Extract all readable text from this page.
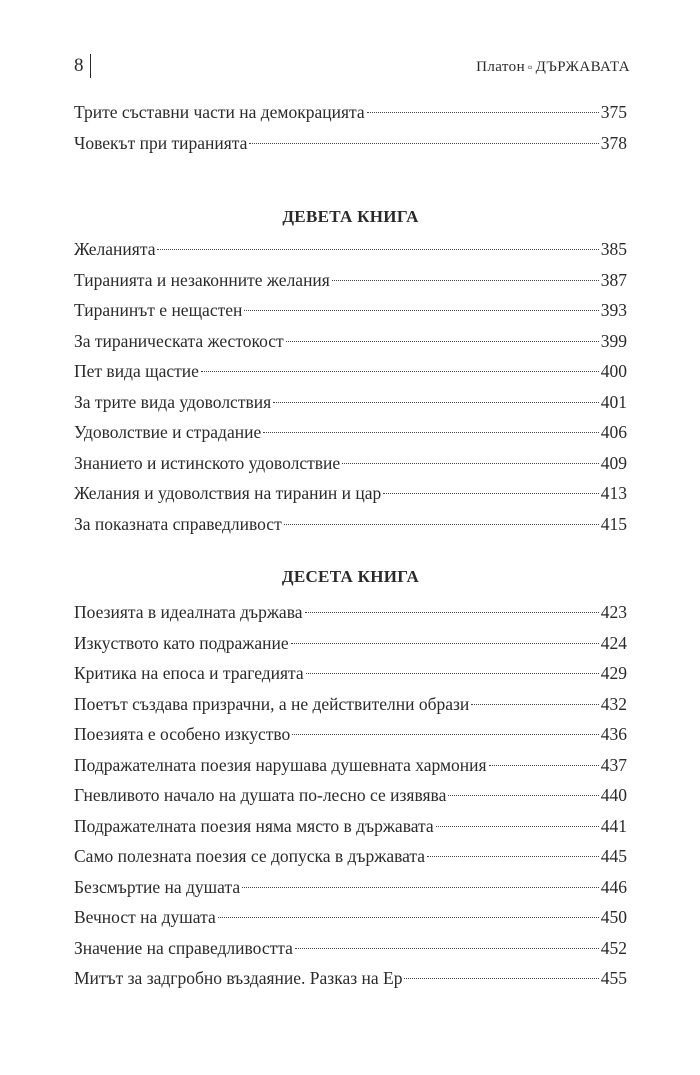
8	Платон ▫ ДЪРЖАВАТА
Трите съставни части на демокрацията	375
Човекът при тиранията	378
ДЕВЕТА КНИГА
Желанията	385
Тиранията и незаконните желания	387
Тиранинът е нещастен	393
За тираническата жестокост	399
Пет вида щастие	400
За трите вида удоволствия	401
Удоволствие и страдание	406
Знанието и истинското удоволствие	409
Желания и удоволствия на тиранин и цар	413
За показната справедливост	415
ДЕСЕТА КНИГА
Поезията в идеалната държава	423
Изкуството като подражание	424
Критика на епоса и трагедията	429
Поетът създава призрачни, а не действителни образи	432
Поезията е особено изкуство	436
Подражателната поезия нарушава душевната хармония	437
Гневливото начало на душата по-лесно се изявява	440
Подражателната поезия няма място в държавата	441
Само полезната поезия се допуска в държавата	445
Безсмъртие на душата	446
Вечност на душата	450
Значение на справедливостта	452
Митът за задгробно въздаяние. Разказ на Ер	455
